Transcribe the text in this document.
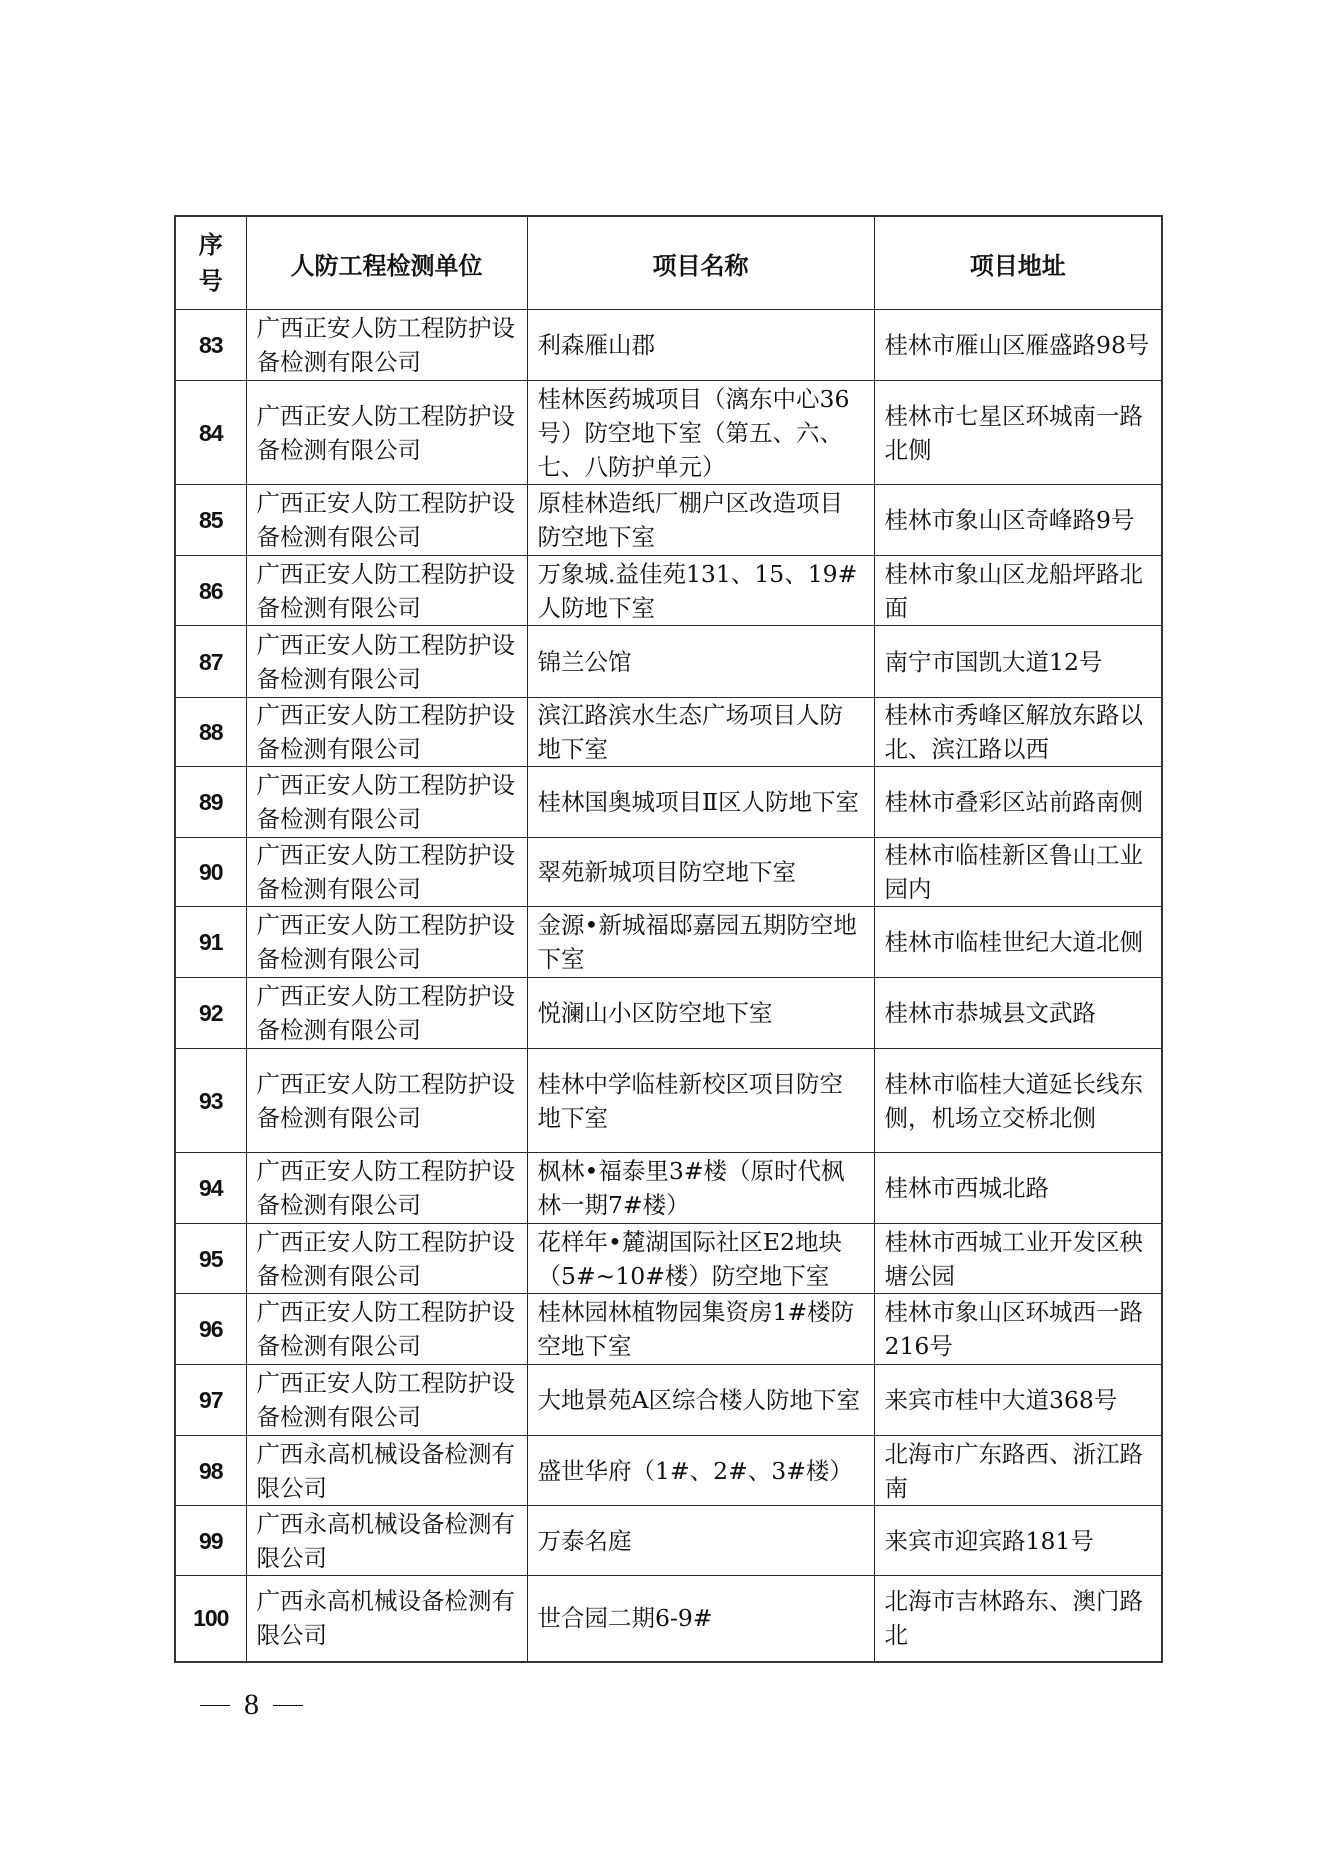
序号	人防工程检测单位	项目名称	项目地址
83	广西正安人防工程防护设备检测有限公司	利森雁山郡	桂林市雁山区雁盛路98号
84	广西正安人防工程防护设备检测有限公司	桂林医药城项目（漓东中心36号）防空地下室（第五、六、七、八防护单元）	桂林市七星区环城南一路北侧
85	广西正安人防工程防护设备检测有限公司	原桂林造纸厂棚户区改造项目防空地下室	桂林市象山区奇峰路9号
86	广西正安人防工程防护设备检测有限公司	万象城.益佳苑131、15、19#人防地下室	桂林市象山区龙船坪路北面
87	广西正安人防工程防护设备检测有限公司	锦兰公馆	南宁市国凯大道12号
88	广西正安人防工程防护设备检测有限公司	滨江路滨水生态广场项目人防地下室	桂林市秀峰区解放东路以北、滨江路以西
89	广西正安人防工程防护设备检测有限公司	桂林国奥城项目Ⅱ区人防地下室	桂林市叠彩区站前路南侧
90	广西正安人防工程防护设备检测有限公司	翠苑新城项目防空地下室	桂林市临桂新区鲁山工业园内
91	广西正安人防工程防护设备检测有限公司	金源•新城福邸嘉园五期防空地下室	桂林市临桂世纪大道北侧
92	广西正安人防工程防护设备检测有限公司	悦澜山小区防空地下室	桂林市恭城县文武路
93	广西正安人防工程防护设备检测有限公司	桂林中学临桂新校区项目防空地下室	桂林市临桂大道延长线东侧，机场立交桥北侧
94	广西正安人防工程防护设备检测有限公司	枫林•福泰里3#楼（原时代枫林一期7#楼）	桂林市西城北路
95	广西正安人防工程防护设备检测有限公司	花样年•麓湖国际社区E2地块（5#~10#楼）防空地下室	桂林市西城工业开发区秧塘公园
96	广西正安人防工程防护设备检测有限公司	桂林园林植物园集资房1#楼防空地下室	桂林市象山区环城西一路216号
97	广西正安人防工程防护设备检测有限公司	大地景苑A区综合楼人防地下室	来宾市桂中大道368号
98	广西永高机械设备检测有限公司	盛世华府（1#、2#、3#楼）	北海市广东路西、浙江路南
99	广西永高机械设备检测有限公司	万泰名庭	来宾市迎宾路181号
100	广西永高机械设备检测有限公司	世合园二期6-9#	北海市吉林路东、澳门路北
8
